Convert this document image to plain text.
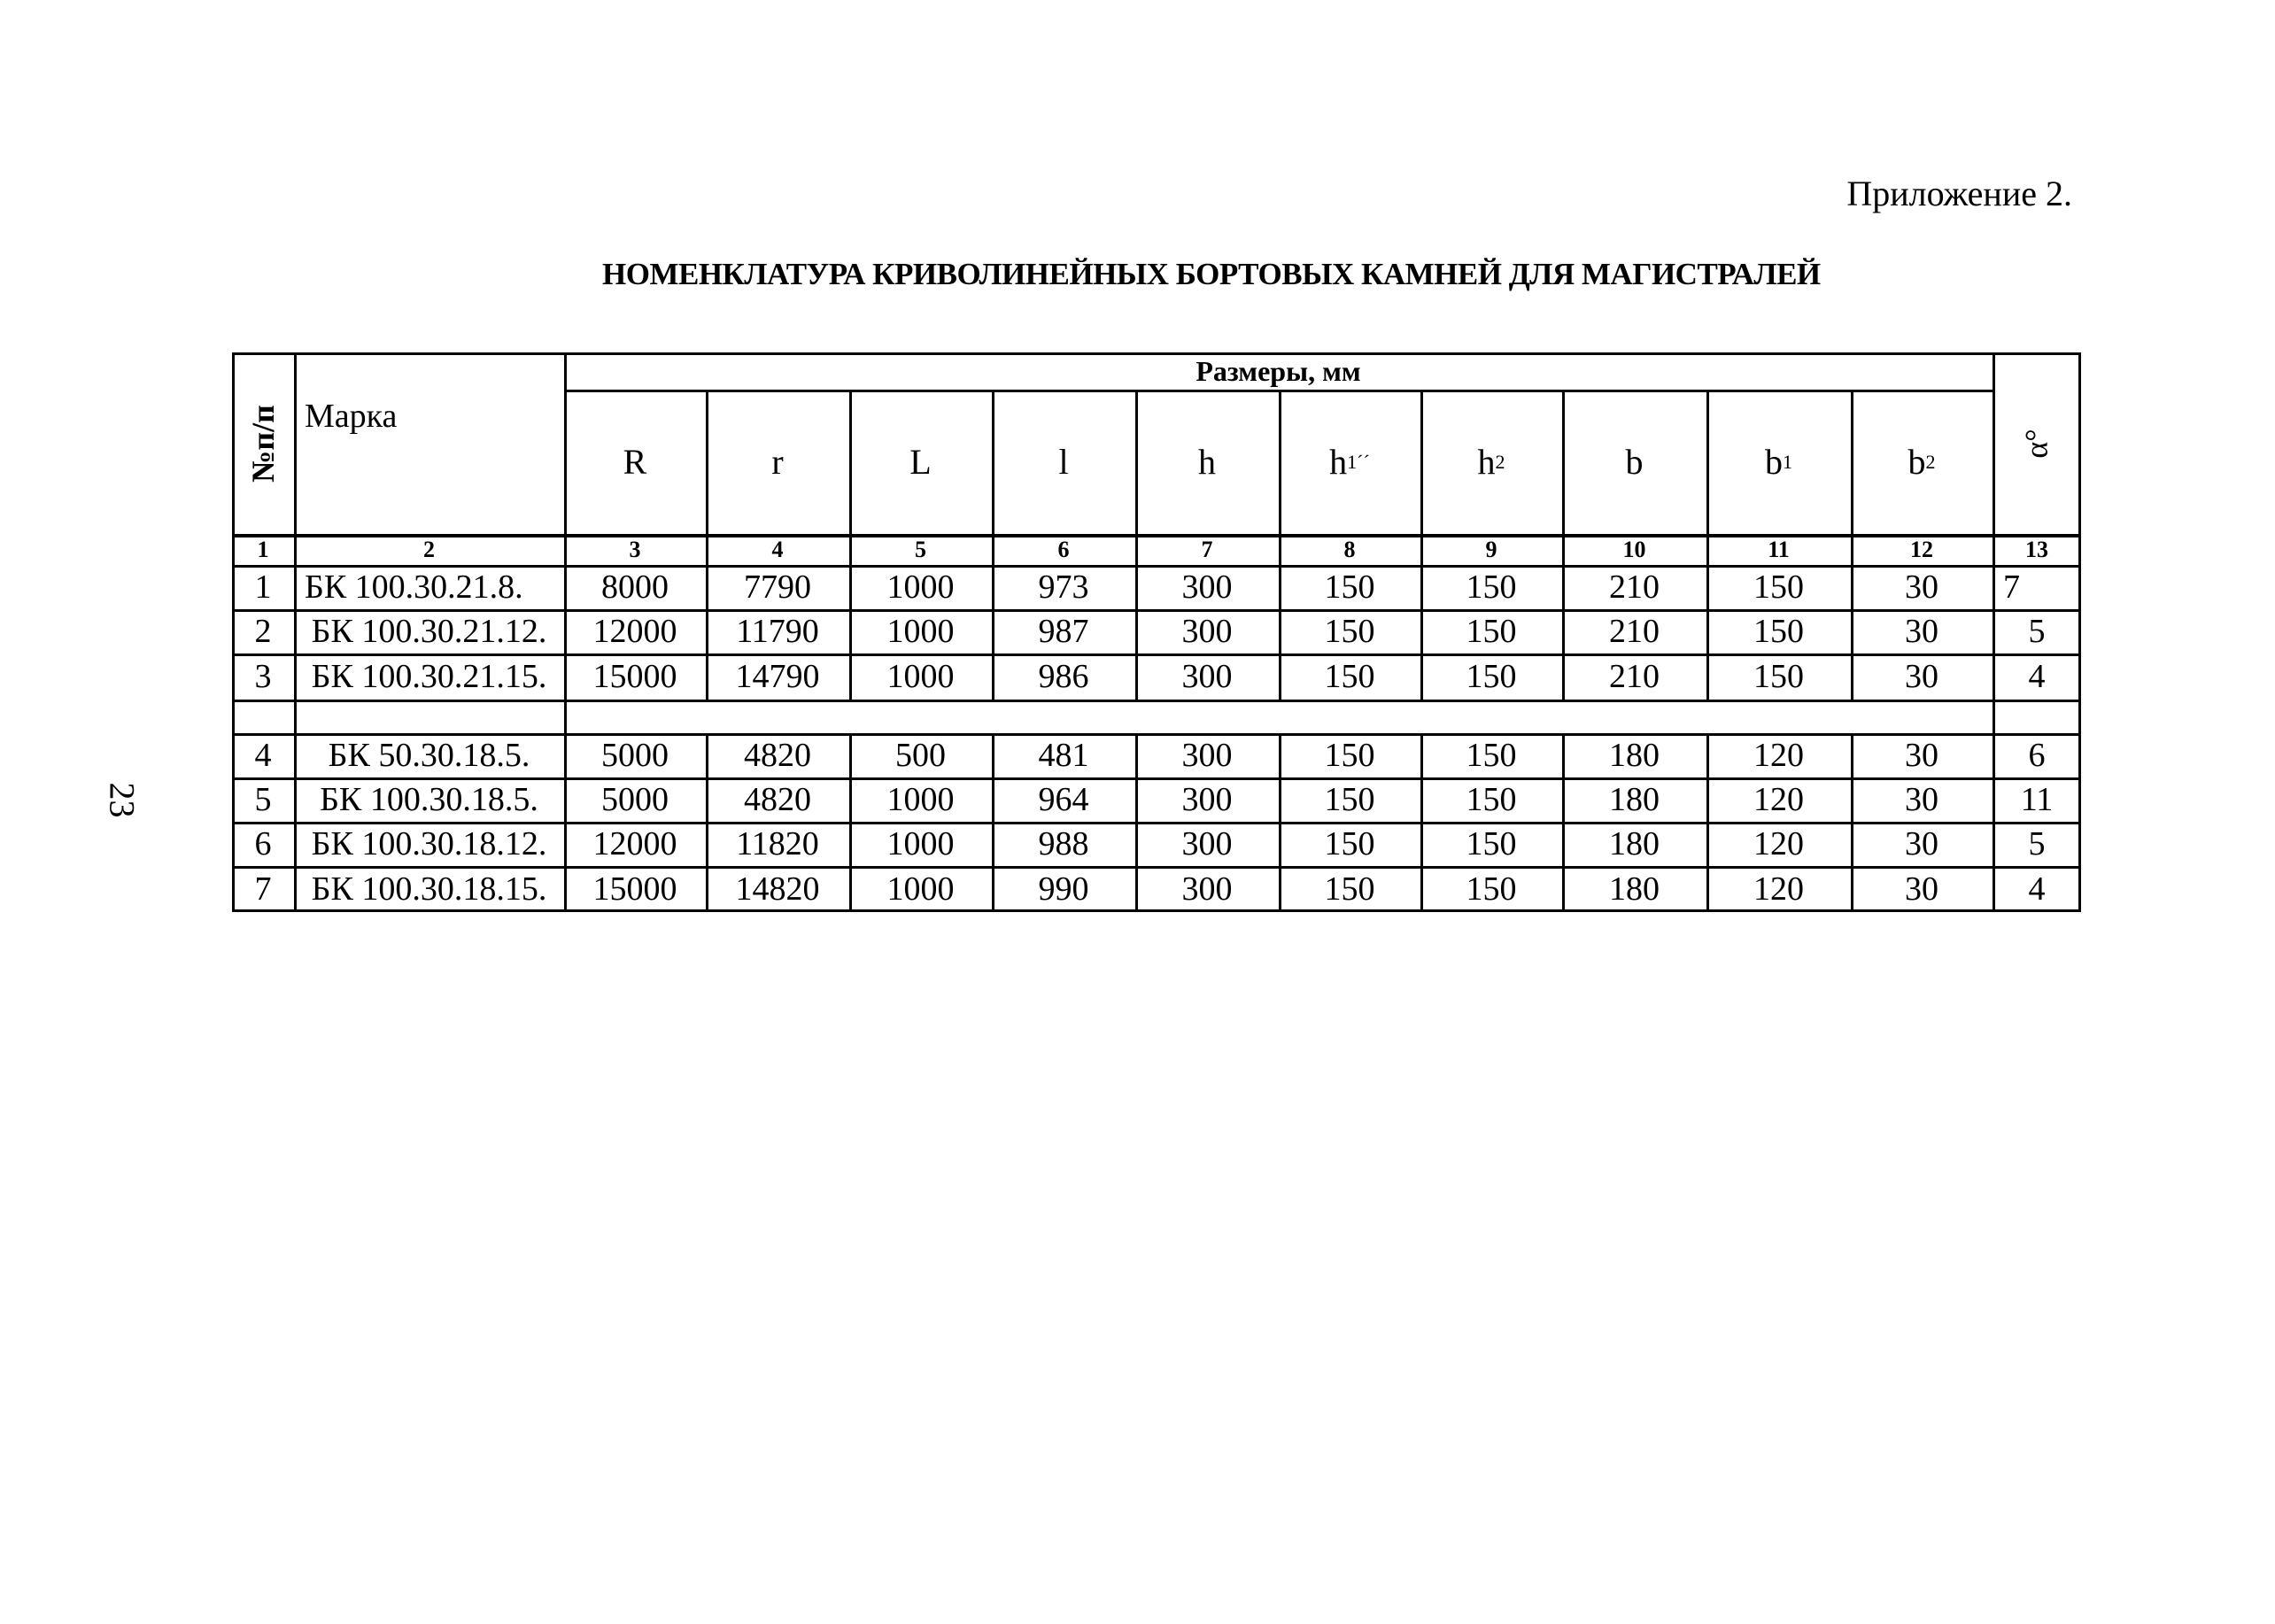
Приложение 2.
НОМЕНКЛАТУРА КРИВОЛИНЕЙНЫХ БОРТОВЫХ КАМНЕЙ ДЛЯ МАГИСТРАЛЕЙ
23
№п/п Марка
Размеры, мм
R	r	L	l	h	h 1´´	h 2	b	b 1	b 2
α°
1	2	3	4	5	6	7	8	9	10	11	12	13
1 БК 100.30.21.8.	8000	7790	1000	973	300	150	150	210	150	30	7
2	БК 100.30.21.12.	12000	11790	1000	987	300	150	150	210	150	30	5
3	БК 100.30.21.15.	15000	14790	1000	986	300	150	150	210	150	30	4
4	БК 50.30.18.5.	5000	4820	500	481	300	150	150	180	120	30	6
5	БК 100.30.18.5.	5000	4820	1000	964	300	150	150	180	120	30	11
6	БК 100.30.18.12.	12000	11820	1000	988	300	150	150	180	120	30	5
7	БК 100.30.18.15.	15000	14820	1000	990	300	150	150	180	120	30	4
